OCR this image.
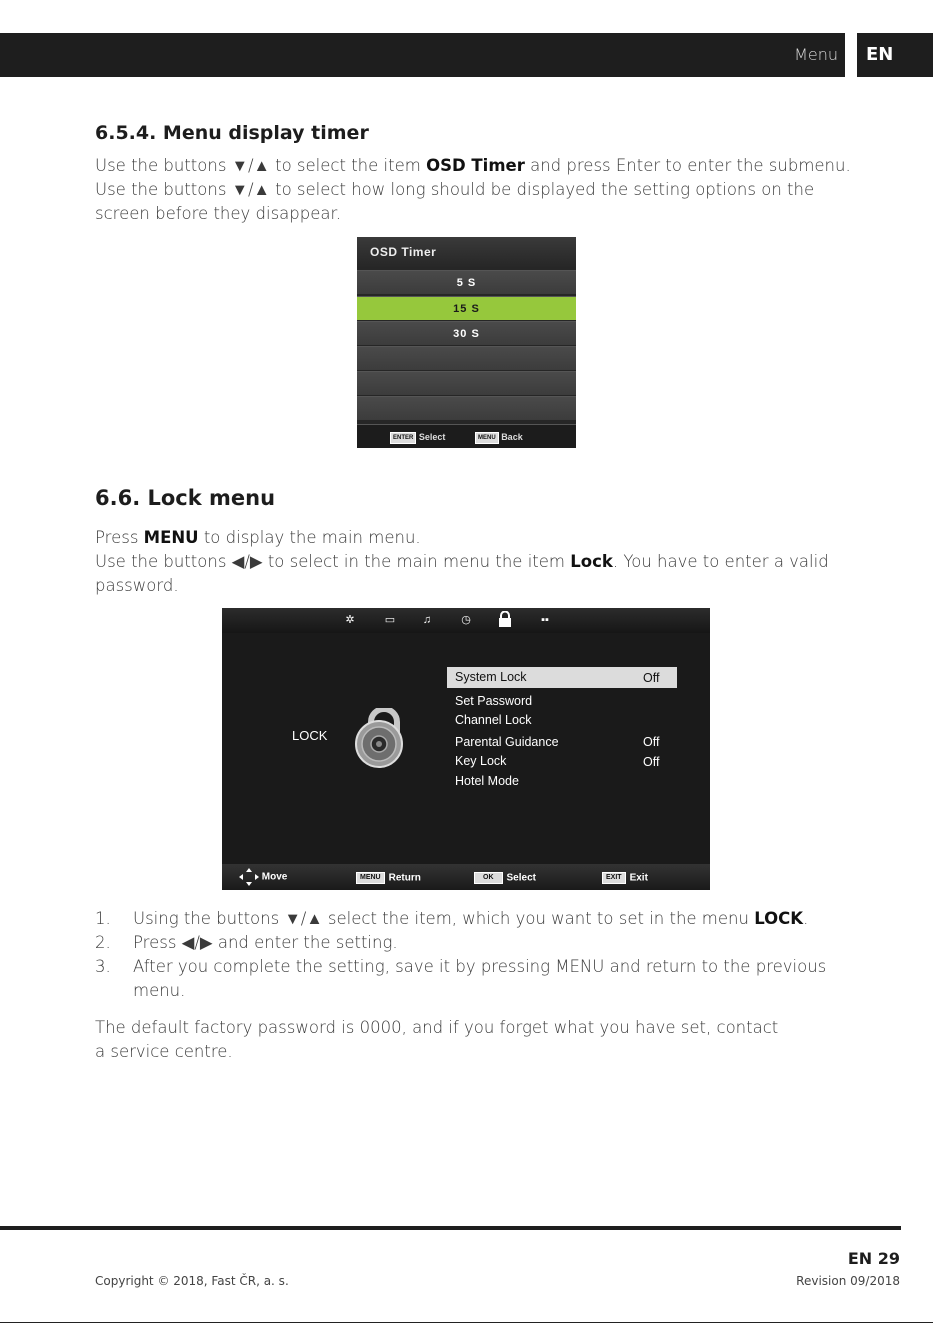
Menu	EN
6.5.4. Menu display timer
Use the buttons ▼/▲ to select the item OSD Timer and press Enter to enter the submenu.
Use the buttons ▼/▲ to select how long should be displayed the setting options on the
screen before they disappear.
OSD Timer
5 S
15 S
30 S
ENTER Select	MENU Back
6.6. Lock menu
Press MENU to display the main menu.
Use the buttons ◀/▶ to select in the main menu the item Lock. You have to enter a valid
password.
✲	▭	♫	◷	▪▪
LOCK
System Lock	Off
Set Password
Channel Lock
Parental Guidance	Off
Key Lock	Off
Hotel Mode
Move	MENU Return	OK Select	EXIT Exit
1. Using the buttons ▼/▲ select the item, which you want to set in the menu LOCK.
2. Press ◀/▶ and enter the setting.
3. After you complete the setting, save it by pressing MENU and return to the previous
menu.
The default factory password is 0000, and if you forget what you have set, contact
a service centre.
EN 29
Copyright © 2018, Fast ČR, a. s.	Revision 09/2018
